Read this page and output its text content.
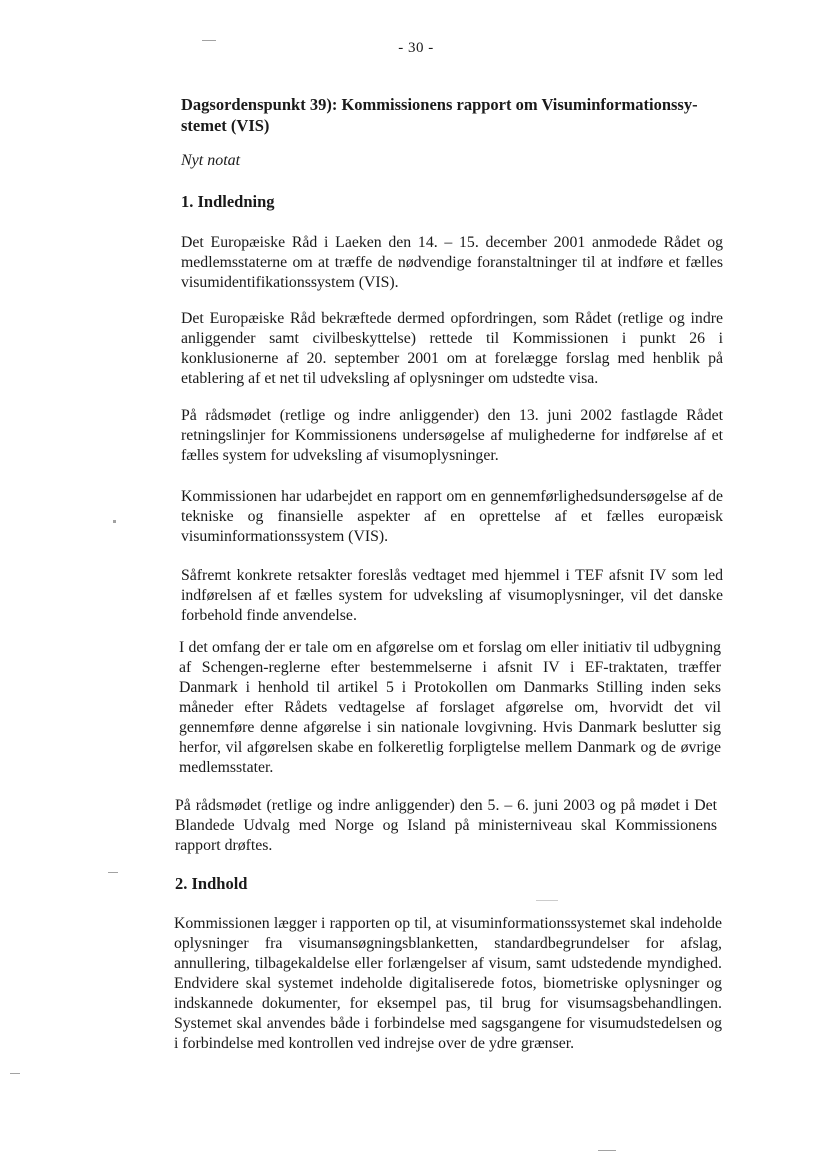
- 30 -
Dagsordenspunkt 39): Kommissionens rapport om Visuminformationssy-stemet (VIS)

Nyt notat

1. Indledning

Det Europæiske Råd i Laeken den 14. – 15. december 2001 anmodede Rådet og medlemsstaterne om at træffe de nødvendige foranstaltninger til at indføre et fælles visumidentifikationssystem (VIS).

Det Europæiske Råd bekræftede dermed opfordringen, som Rådet (retlige og indre anliggender samt civilbeskyttelse) rettede til Kommissionen i punkt 26 i konklusionerne af 20. september 2001 om at forelægge forslag med henblik på etablering af et net til udveksling af oplysninger om udstedte visa.

På rådsmødet (retlige og indre anliggender) den 13. juni 2002 fastlagde Rådet retningslinjer for Kommissionens undersøgelse af mulighederne for indførelse af et fælles system for udveksling af visumoplysninger.

Kommissionen har udarbejdet en rapport om en gennemførlighedsundersøgelse af de tekniske og finansielle aspekter af en oprettelse af et fælles europæisk visuminformationssystem (VIS).

Såfremt konkrete retsakter foreslås vedtaget med hjemmel i TEF afsnit IV som led indførelsen af et fælles system for udveksling af visumoplysninger, vil det danske forbehold finde anvendelse.

I det omfang der er tale om en afgørelse om et forslag om eller initiativ til udbygning af Schengen-reglerne efter bestemmelserne i afsnit IV i EF-traktaten, træffer Danmark i henhold til artikel 5 i Protokollen om Danmarks Stilling inden seks måneder efter Rådets vedtagelse af forslaget afgørelse om, hvorvidt det vil gennemføre denne afgørelse i sin nationale lovgivning. Hvis Danmark beslutter sig herfor, vil afgørelsen skabe en folkeretlig forpligtelse mellem Danmark og de øvrige medlemsstater.

På rådsmødet (retlige og indre anliggender) den 5. – 6. juni 2003 og på mødet i Det Blandede Udvalg med Norge og Island på ministerniveau skal Kommissionens rapport drøftes.

2. Indhold

Kommissionen lægger i rapporten op til, at visuminformationssystemet skal indeholde oplysninger fra visumansøgningsblanketten, standardbegrundelser for afslag, annullering, tilbagekaldelse eller forlængelser af visum, samt udstedende myndighed. Endvidere skal systemet indeholde digitaliserede fotos, biometriske oplysninger og indskannede dokumenter, for eksempel pas, til brug for visumsagsbehandlingen. Systemet skal anvendes både i forbindelse med sagsgangene for visumudstedelsen og i forbindelse med kontrollen ved indrejse over de ydre grænser.
